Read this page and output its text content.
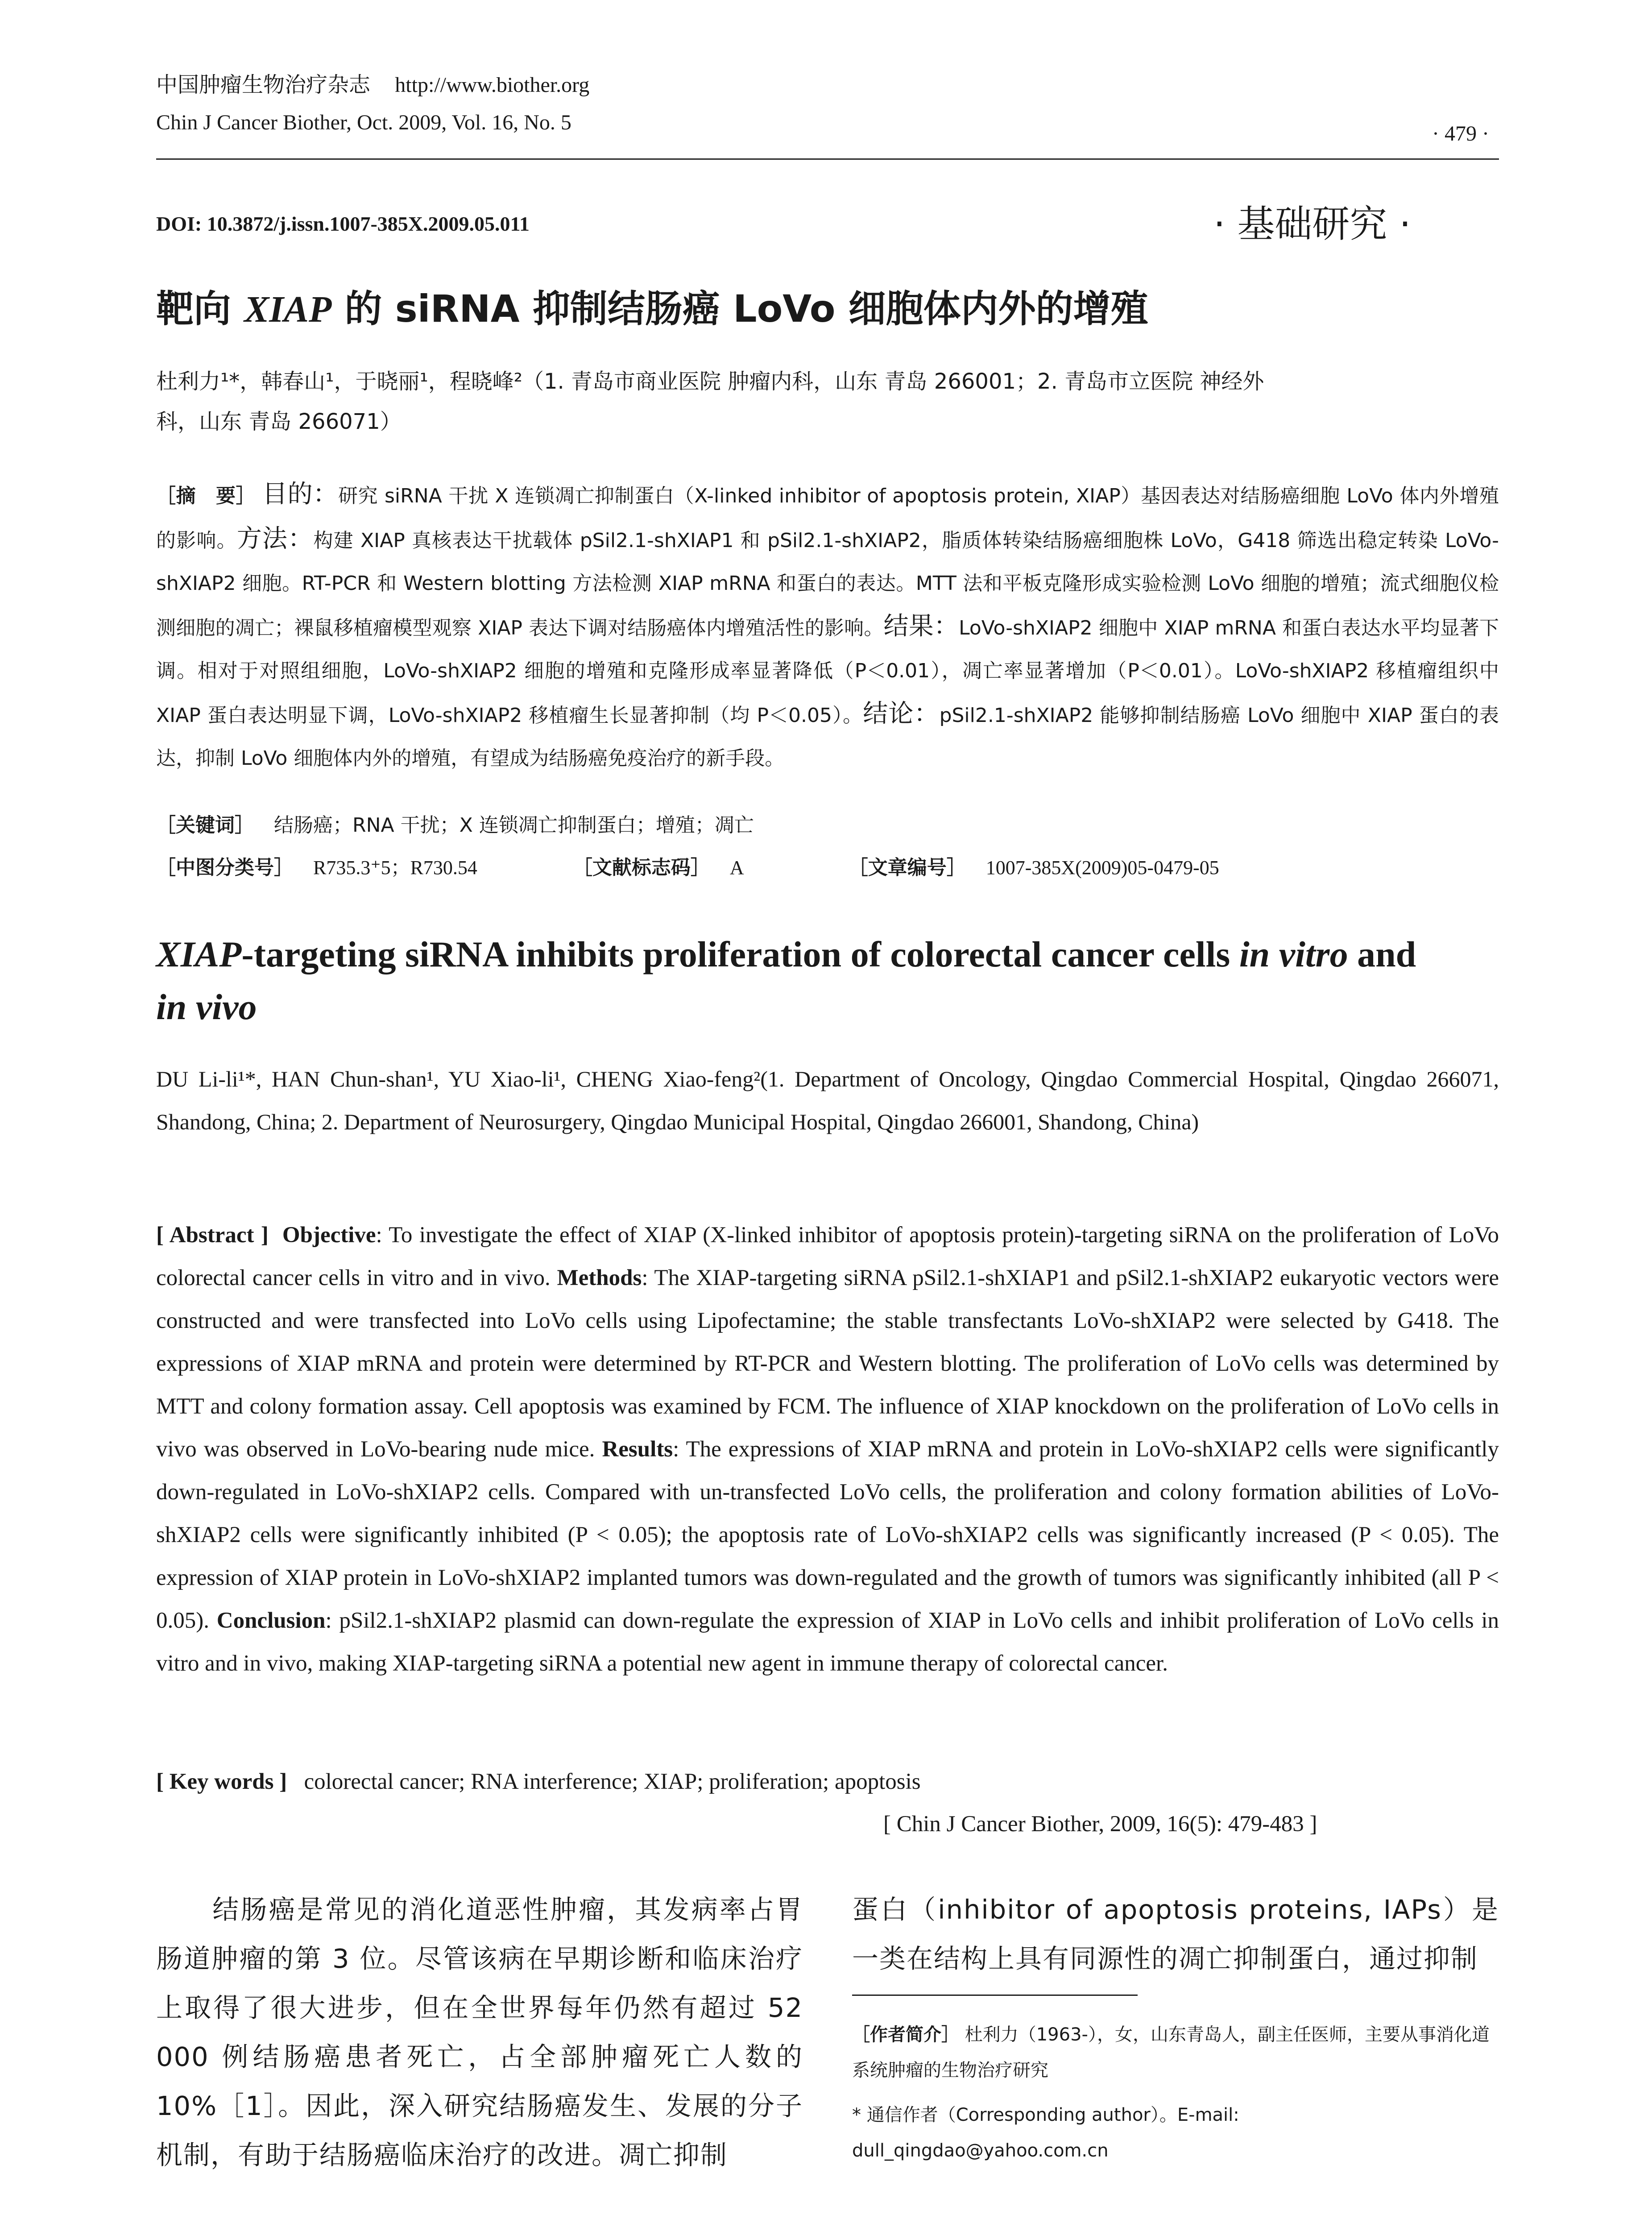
中国肿瘤生物治疗杂志 http://www.biother.org
Chin J Cancer Biother, Oct. 2009, Vol. 16, No. 5	· 479 ·
DOI: 10.3872/j.issn.1007-385X.2009.05.011	· 基础研究 ·
靶向 XIAP 的 siRNA 抑制结肠癌 LoVo 细胞体内外的增殖
杜利力¹*，韩春山¹，于晓丽¹，程晓峰²（1. 青岛市商业医院 肿瘤内科，山东 青岛 266001；2. 青岛市立医院 神经外
科，山东 青岛 266071）
［摘　要］ 目的：研究 siRNA 干扰 X 连锁凋亡抑制蛋白（X-linked inhibitor of apoptosis protein, XIAP）基因表达对结肠癌细胞 LoVo 体内外增殖的影响。方法：构建 XIAP 真核表达干扰载体 pSil2.1-shXIAP1 和 pSil2.1-shXIAP2，脂质体转染结肠癌细胞株 LoVo，G418 筛选出稳定转染 LoVo-shXIAP2 细胞。RT-PCR 和 Western blotting 方法检测 XIAP mRNA 和蛋白的表达。MTT 法和平板克隆形成实验检测 LoVo 细胞的增殖；流式细胞仪检测细胞的凋亡；裸鼠移植瘤模型观察 XIAP 表达下调对结肠癌体内增殖活性的影响。结果：LoVo-shXIAP2 细胞中 XIAP mRNA 和蛋白表达水平均显著下调。相对于对照组细胞，LoVo-shXIAP2 细胞的增殖和克隆形成率显著降低（P＜0.01），凋亡率显著增加（P＜0.01）。LoVo-shXIAP2 移植瘤组织中 XIAP 蛋白表达明显下调，LoVo-shXIAP2 移植瘤生长显著抑制（均 P＜0.05）。结论：pSil2.1-shXIAP2 能够抑制结肠癌 LoVo 细胞中 XIAP 蛋白的表达，抑制 LoVo 细胞体内外的增殖，有望成为结肠癌免疫治疗的新手段。
［关键词］ 结肠癌；RNA 干扰；X 连锁凋亡抑制蛋白；增殖；凋亡
［中图分类号］ R735.3⁺5；R730.54	［文献标志码］ A	［文章编号］ 1007-385X(2009)05-0479-05
XIAP-targeting siRNA inhibits proliferation of colorectal cancer cells in vitro and
in vivo
DU Li-li¹*, HAN Chun-shan¹, YU Xiao-li¹, CHENG Xiao-feng²(1. Department of Oncology, Qingdao Commercial Hospital, Qingdao 266071, Shandong, China; 2. Department of Neurosurgery, Qingdao Municipal Hospital, Qingdao 266001, Shandong, China)
[ Abstract ] Objective: To investigate the effect of XIAP (X-linked inhibitor of apoptosis protein)-targeting siRNA on the proliferation of LoVo colorectal cancer cells in vitro and in vivo. Methods: The XIAP-targeting siRNA pSil2.1-shXIAP1 and pSil2.1-shXIAP2 eukaryotic vectors were constructed and were transfected into LoVo cells using Lipofectamine; the stable transfectants LoVo-shXIAP2 were selected by G418. The expressions of XIAP mRNA and protein were determined by RT-PCR and Western blotting. The proliferation of LoVo cells was determined by MTT and colony formation assay. Cell apoptosis was examined by FCM. The influence of XIAP knockdown on the proliferation of LoVo cells in vivo was observed in LoVo-bearing nude mice. Results: The expressions of XIAP mRNA and protein in LoVo-shXIAP2 cells were significantly down-regulated in LoVo-shXIAP2 cells. Compared with un-transfected LoVo cells, the proliferation and colony formation abilities of LoVo-shXIAP2 cells were significantly inhibited (P < 0.05); the apoptosis rate of LoVo-shXIAP2 cells was significantly increased (P < 0.05). The expression of XIAP protein in LoVo-shXIAP2 implanted tumors was down-regulated and the growth of tumors was significantly inhibited (all P < 0.05). Conclusion: pSil2.1-shXIAP2 plasmid can down-regulate the expression of XIAP in LoVo cells and inhibit proliferation of LoVo cells in vitro and in vivo, making XIAP-targeting siRNA a potential new agent in immune therapy of colorectal cancer.
[ Key words ] colorectal cancer; RNA interference; XIAP; proliferation; apoptosis
[ Chin J Cancer Biother, 2009, 16(5): 479-483 ]
　　结肠癌是常见的消化道恶性肿瘤，其发病率占胃肠道肿瘤的第 3 位。尽管该病在早期诊断和临床治疗上取得了很大进步，但在全世界每年仍然有超过 52 000 例结肠癌患者死亡，占全部肿瘤死亡人数的 10%［1］。因此，深入研究结肠癌发生、发展的分子机制，有助于结肠癌临床治疗的改进。凋亡抑制
蛋白（inhibitor of apoptosis proteins, IAPs）是一类在结构上具有同源性的凋亡抑制蛋白，通过抑制
［作者简介］ 杜利力（1963-），女，山东青岛人，副主任医师，主要从事消化道系统肿瘤的生物治疗研究
* 通信作者（Corresponding author）。E-mail: dull_qingdao@yahoo.com.cn
